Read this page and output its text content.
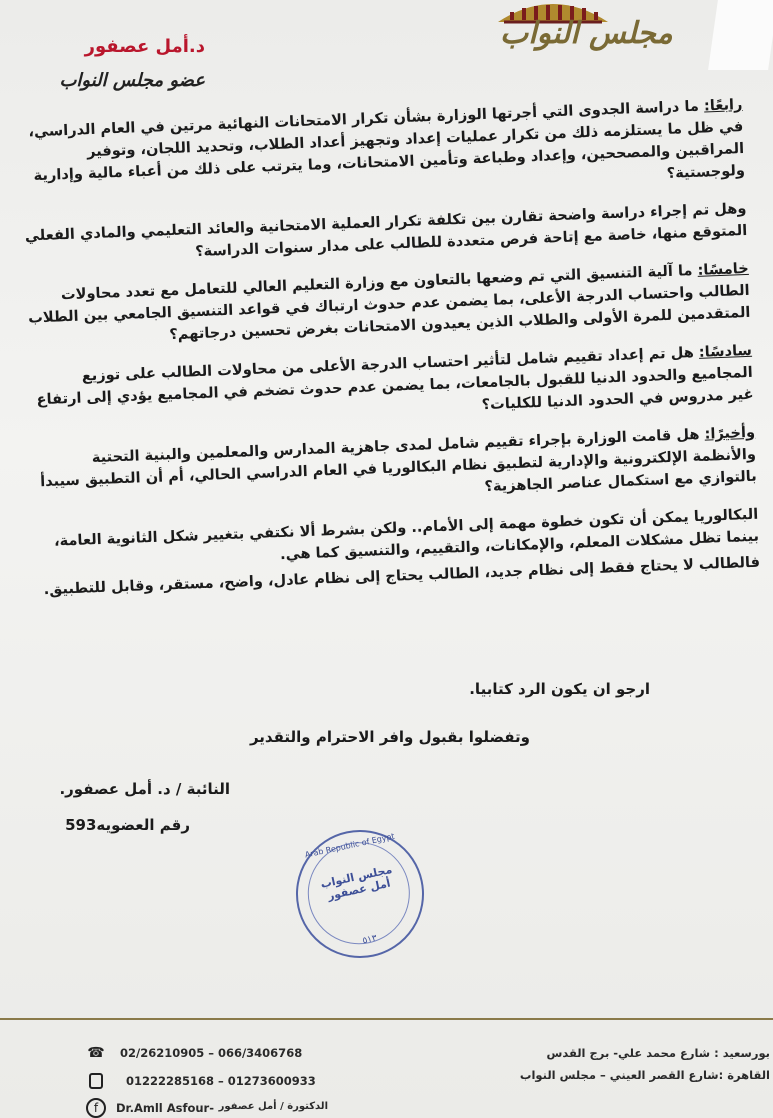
مجلس النواب
د.أمل عصفور
عضو مجلس النواب

رابعًا: ما دراسة الجدوى التي أجرتها الوزارة بشأن تكرار الامتحانات النهائية مرتين في العام الدراسي، في ظل ما يستلزمه ذلك من تكرار عمليات إعداد وتجهيز أعداد الطلاب، وتحديد اللجان، وتوفير المراقبين والمصححين، وإعداد وطباعة وتأمين الامتحانات، وما يترتب على ذلك من أعباء مالية وإدارية ولوجستية؟

وهل تم إجراء دراسة واضحة تقارن بين تكلفة تكرار العملية الامتحانية والعائد التعليمي والمادي الفعلي المتوقع منها، خاصة مع إتاحة فرص متعددة للطالب على مدار سنوات الدراسة؟

خامسًا: ما آلية التنسيق التي تم وضعها بالتعاون مع وزارة التعليم العالي للتعامل مع تعدد محاولات الطالب واحتساب الدرجة الأعلى، بما يضمن عدم حدوث ارتباك في قواعد التنسيق الجامعي بين الطلاب المتقدمين للمرة الأولى والطلاب الذين يعيدون الامتحانات بغرض تحسين درجاتهم؟

سادسًا: هل تم إعداد تقييم شامل لتأثير احتساب الدرجة الأعلى من محاولات الطالب على توزيع المجاميع والحدود الدنيا للقبول بالجامعات، بما يضمن عدم حدوث تضخم في المجاميع يؤدي إلى ارتفاع غير مدروس في الحدود الدنيا للكليات؟

وأخيرًا: هل قامت الوزارة بإجراء تقييم شامل لمدى جاهزية المدارس والمعلمين والبنية التحتية والأنظمة الإلكترونية والإدارية لتطبيق نظام البكالوريا في العام الدراسي الحالي، أم أن التطبيق سيبدأ بالتوازي مع استكمال عناصر الجاهزية؟

البكالوريا يمكن أن تكون خطوة مهمة إلى الأمام.. ولكن بشرط ألا نكتفي بتغيير شكل الثانوية العامة، بينما تظل مشكلات المعلم، والإمكانات، والتقييم، والتنسيق كما هي.

فالطالب لا يحتاج فقط إلى نظام جديد، الطالب يحتاج إلى نظام عادل، واضح، مستقر، وقابل للتطبيق.

ارجو ان يكون الرد كتابيا.
وتفضلوا بقبول وافر الاحترام والتقدير
النائبة / د. أمل عصفور.
رقم العضويه593
Arab Republic of Egypt
مجلس النواب
أمل عصفور
٥١٣
☎ 02/26210905 – 066/3406768
01222285168 – 01273600933
f	Dr.Amll Asfour- الدكتورة / أمل عصفور
بورسعيد : شارع محمد علي- برج القدس
القاهرة :شارع القصر العيني – مجلس النواب
